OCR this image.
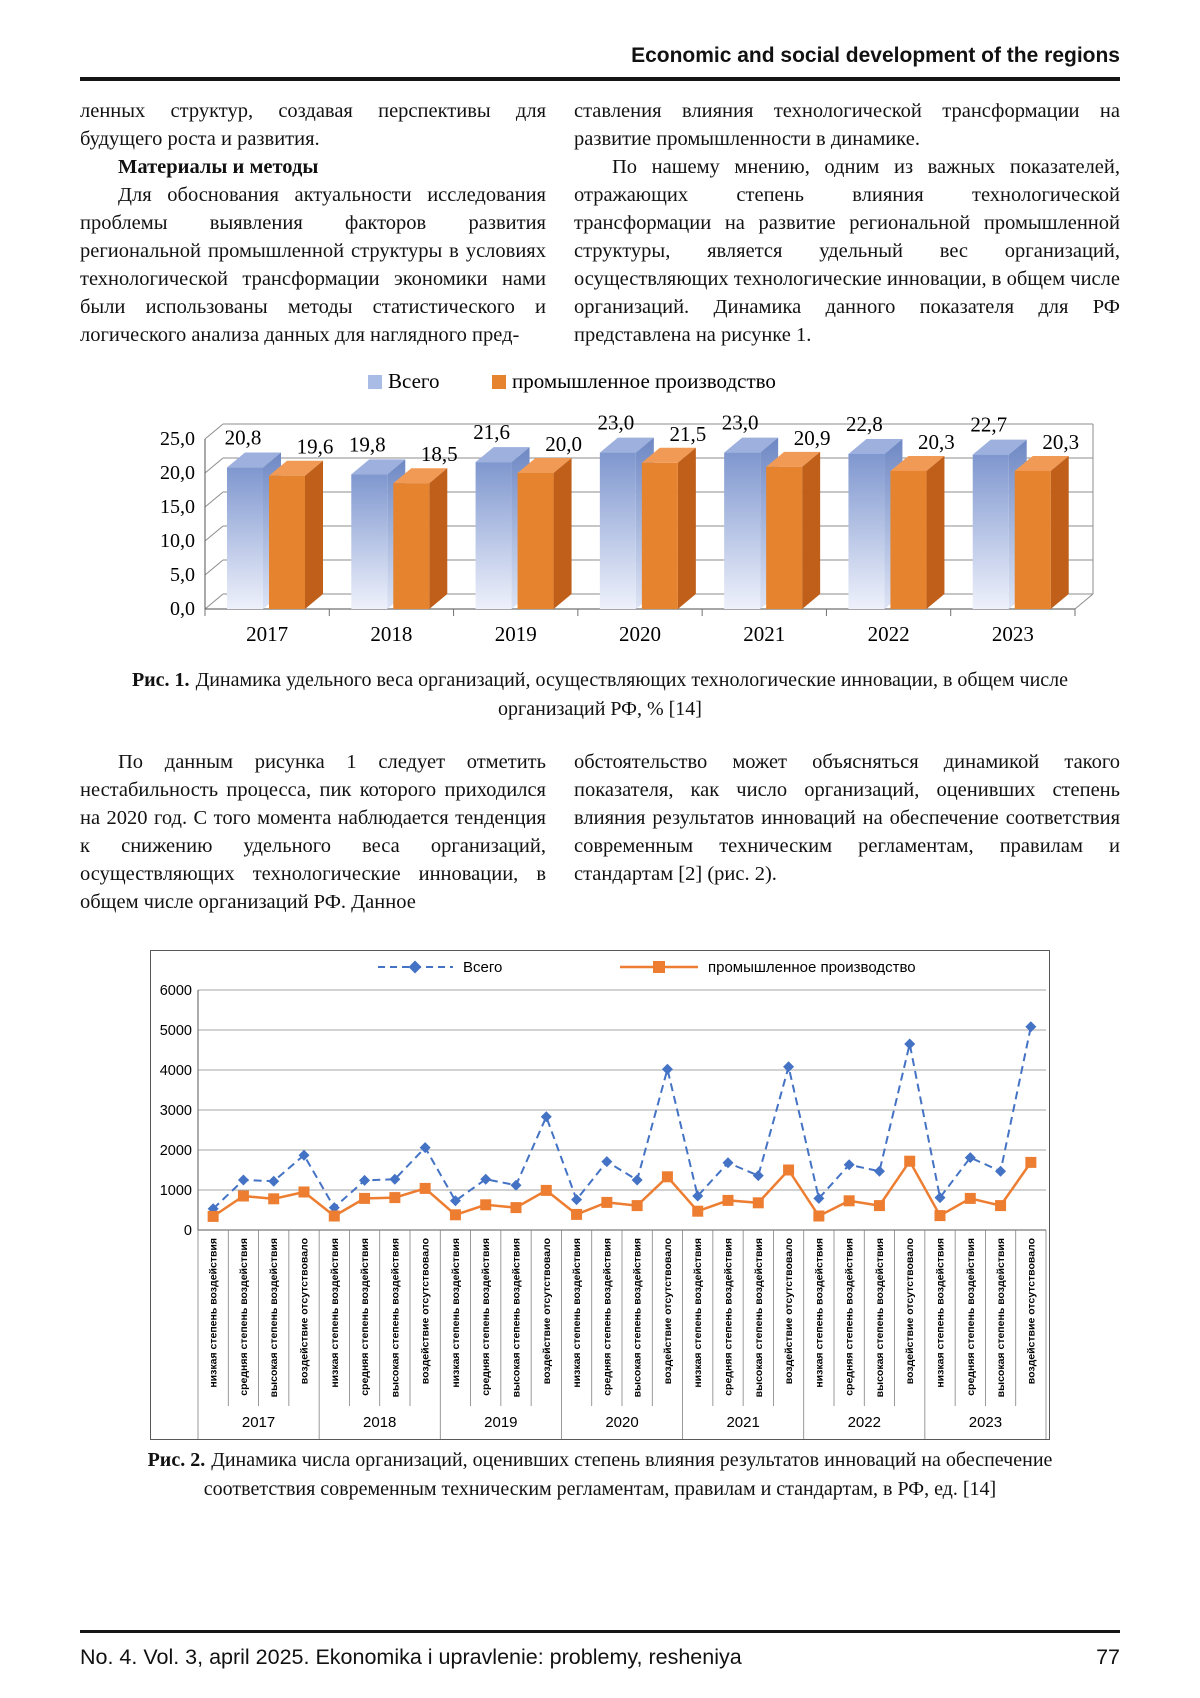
Economic and social development of the regions

ленных структур, создавая перспективы для будущего роста и развития.

Материалы и методы

Для обоснования актуальности исследования проблемы выявления факторов развития региональной промышленной структуры в условиях технологической трансформации экономики нами были использованы методы статистического и логического анализа данных для наглядного пред-

ставления влияния технологической трансформации на развитие промышленности в динамике.

По нашему мнению, одним из важных показателей, отражающих степень влияния технологической трансформации на развитие региональной промышленной структуры, является удельный вес организаций, осуществляющих технологические инновации, в общем числе организаций. Динамика данного показателя для РФ представлена на рисунке 1.

Всего	промышленное производство
0,0
5,0
10,0
15,0
20,0
25,0
2017	2018	2019	2020	2021	2022	2023
20,8 19,6 19,8 18,5
21,6 20,0
23,0 21,5 23,0
20,9
22,8
20,3
22,7
20,3
Рис. 1. Динамика удельного веса организаций, осуществляющих технологические инновации, в общем числе организаций РФ, % [14]

По данным рисунка 1 следует отметить нестабильность процесса, пик которого приходился на 2020 год. С того момента наблюдается тенденция к снижению удельного веса организаций, осуществляющих технологические инновации, в общем числе организаций РФ. Данное

обстоятельство может объясняться динамикой такого показателя, как число организаций, оценивших степень влияния результатов инноваций на обеспечение соответствия современным техническим регламентам, правилам и стандартам [2] (рис. 2).

Всего	промышленное производство
0
1000
2000
3000
4000
5000
6000
низкая степень воздействия средняя степень воздействия высокая степень воздействия воздействие отсутствовало низкая степень воздействия средняя степень воздействия высокая степень воздействия воздействие отсутствовало низкая степень воздействия средняя степень воздействия высокая степень воздействия воздействие отсутствовало низкая степень воздействия средняя степень воздействия высокая степень воздействия воздействие отсутствовало низкая степень воздействия средняя степень воздействия высокая степень воздействия воздействие отсутствовало низкая степень воздействия средняя степень воздействия высокая степень воздействия воздействие отсутствовало низкая степень воздействия средняя степень воздействия высокая степень воздействия воздействие отсутствовало
2017	2018	2019	2020	2021	2022	2023
Рис. 2. Динамика числа организаций, оценивших степень влияния результатов инноваций на обеспечение соответствия современным техническим регламентам, правилам и стандартам, в РФ, ед. [14]
No. 4. Vol. 3, april 2025. Ekonomika i upravlenie: problemy, resheniya	77
